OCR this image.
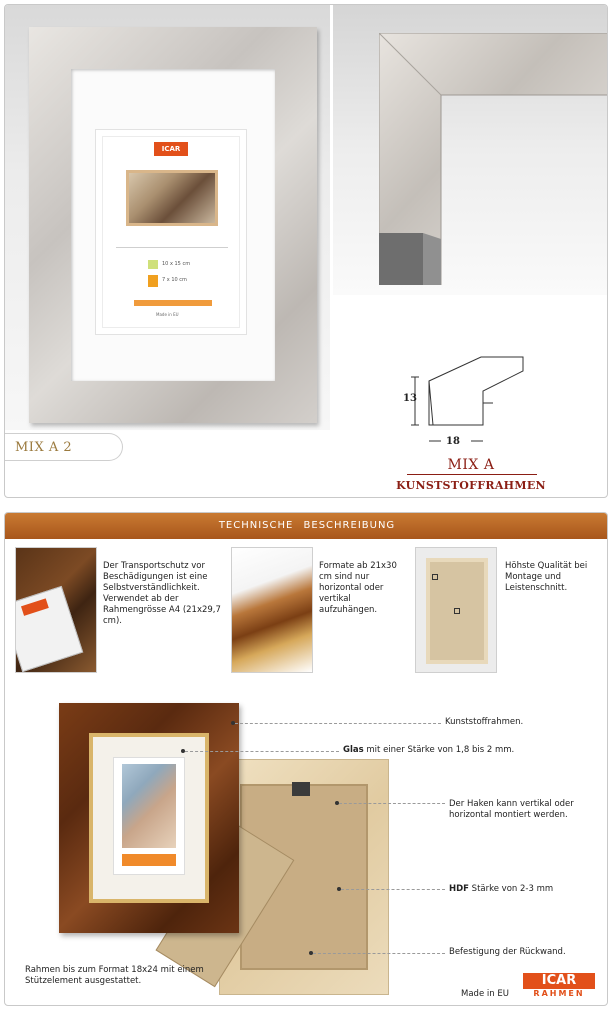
ICAR
10 x 15 cm
7 x 10 cm
Made in EU
MIX A 2
13
18
MIX A
KUNSTSTOFFRAHMEN
TECHNISCHE BESCHREIBUNG
Der Transportschutz vor Beschädigungen ist eine Selbstverständlichkeit. Verwendet ab der Rahmengrösse A4 (21x29,7 cm).
Formate ab 21x30 cm sind nur horizontal oder vertikal aufzuhängen.
Höhste Qualität bei Montage und Leistenschnitt.
Kunststoffrahmen.
Glas mit einer Stärke von 1,8 bis 2 mm.
Der Haken kann vertikal oder horizontal montiert werden.
HDF Stärke von 2-3 mm
Befestigung der Rückwand.
Rahmen bis zum Format 18x24 mit einem Stützelement ausgestattet.
Made in EU
ICAR
RAHMEN
